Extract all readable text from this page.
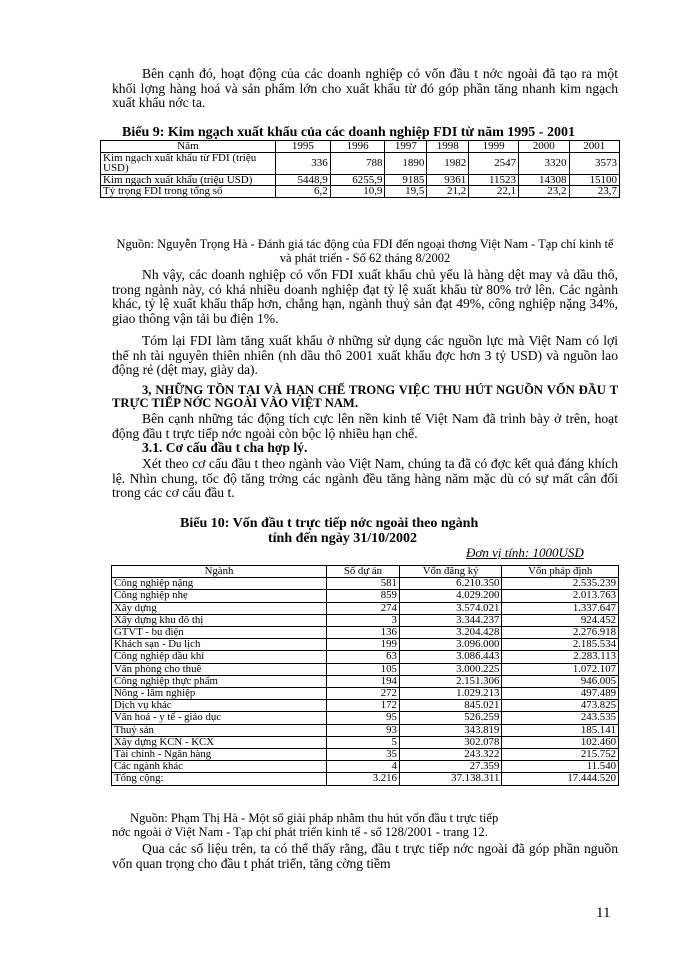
Bên cạnh đó, hoạt động của các doanh nghiệp có vốn đầu t nớc ngoài đã tạo ra một khối lợng hàng hoá và sản phẩm lớn cho xuất khẩu từ đó góp phần tăng nhanh kim ngạch xuất khẩu nớc ta.

Biểu 9: Kim ngạch xuất khẩu của các doanh nghiệp FDI từ năm 1995 - 2001
Năm	1995	1996	1997	1998	1999	2000	2001
Kim ngạch xuất khẩu từ FDI (triệu USD)	336	788	1890	1982	2547	3320	3573
Kim ngạch xuất khẩu (triệu USD)	5448,9	6255,9	9185	9361	11523	14308	15100
Tỷ trọng FDI trong tổng số	6,2	10,9	19,5	21,2	22,1	23,2	23,7

Nguồn: Nguyễn Trọng Hà - Đánh giá tác động của FDI đến ngoại thơng Việt Nam - Tạp chí kinh tế và phát triển - Số 62 tháng 8/2002

Nh vậy, các doanh nghiệp có vốn FDI xuất khẩu chủ yếu là hàng dệt may và dầu thô, trong ngành này, có khá nhiều doanh nghiệp đạt tỷ lệ xuất khẩu từ 80% trở lên. Các ngành khác, tỷ lệ xuất khẩu thấp hơn, chẳng hạn, ngành thuỷ sản đạt 49%, công nghiệp nặng 34%, giao thông vận tải bu điện 1%.

Tóm lại FDI làm tăng xuất khẩu ở những sử dụng các nguồn lực mà Việt Nam có lợi thế nh tài nguyên thiên nhiên (nh dầu thô 2001 xuất khẩu đợc hơn 3 tỷ USD) và nguồn lao động rẻ (dệt may, giày da).

3, NHỮNG TỒN TẠI VÀ HẠN CHẾ TRONG VIỆC THU HÚT NGUỒN VỐN ĐẦU T TRỰC TIẾP NỚC NGOÀI VÀO VIỆT NAM.

Bên cạnh những tác động tích cực lên nền kinh tế Việt Nam đã trình bày ở trên, hoạt động đầu t trực tiếp nớc ngoài còn bộc lộ nhiều hạn chế.

3.1. Cơ cấu đầu t cha hợp lý.

Xét theo cơ cấu đầu t theo ngành vào Việt Nam, chúng ta đã có đợc kết quả đáng khích lệ. Nhìn chung, tốc độ tăng trởng các ngành đều tăng hàng năm mặc dù có sự mất cân đối trong các cơ cấu đầu t.

Biểu 10: Vốn đầu t trực tiếp nớc ngoài theo ngành
tính đến ngày 31/10/2002
Đơn vị tính: 1000USD
Ngành	Số dự án	Vốn đăng ký	Vốn pháp định
Công nghiệp nặng	581	6.210.350	2.535.239
Công nghiệp nhẹ	859	4.029.200	2.013.763
Xây dựng	274	3.574.021	1.337.647
Xây dựng khu đô thị	3	3.344.237	924.452
GTVT - bu điện	136	3.204.428	2.276.918
Khách sạn - Du lịch	199	3.096.000	2.185.534
Công nghiệp dầu khí	63	3.086.443	2.283.113
Văn phòng cho thuê	105	3.000.225	1.072.107
Công nghiệp thực phẩm	194	2.151.306	946.005
Nông - lâm nghiệp	272	1.029.213	497.489
Dịch vụ khác	172	845.021	473.825
Văn hoá - y tế - giáo dục	95	526.259	243.535
Thuỷ sản	93	343.819	185.141
Xây dựng KCN - KCX	5	302.078	102.460
Tài chính - Ngân hàng	35	243.322	215.752
Các ngành khác	4	27.359	11.540
Tổng cộng:	3.216	37.138.311	17.444.520

Nguồn: Phạm Thị Hà - Một số giải pháp nhằm thu hút vốn đầu t trực tiếp

nớc ngoài ở Việt Nam - Tạp chí phát triển kinh tế - số 128/2001 - trang 12.

Qua các số liệu trên, ta có thể thấy rằng, đầu t trực tiếp nớc ngoài đã góp phần nguồn vốn quan trọng cho đầu t phát triển, tăng cờng tiềm

11
